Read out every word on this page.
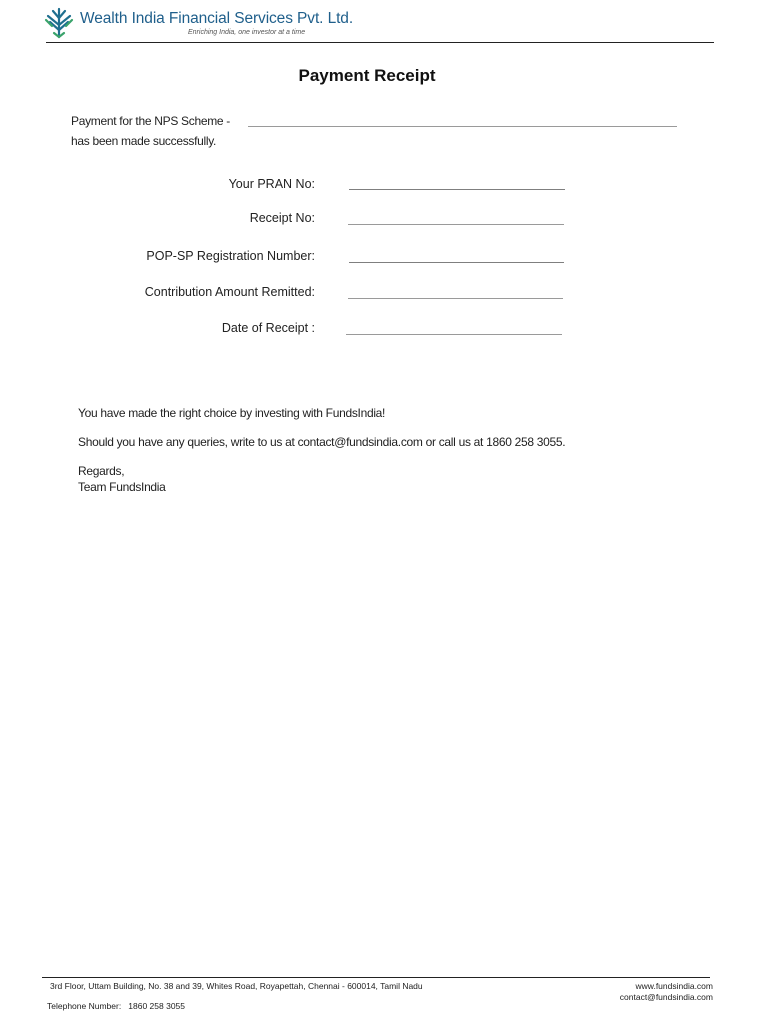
Wealth India Financial Services Pvt. Ltd.
Enriching India, one investor at a time
Payment Receipt
Payment for the NPS Scheme -
has been made successfully.
Your PRAN No:
Receipt No:
POP-SP Registration Number:
Contribution Amount Remitted:
Date of Receipt :
You have made the right choice by investing with FundsIndia!
Should you have any queries, write to us at contact@fundsindia.com or call us at 1860 258 3055.
Regards,
Team FundsIndia
3rd Floor, Uttam Building, No. 38 and 39, Whites Road, Royapettah, Chennai - 600014, Tamil Nadu
Telephone Number: 1860 258 3055
www.fundsindia.com
contact@fundsindia.com
